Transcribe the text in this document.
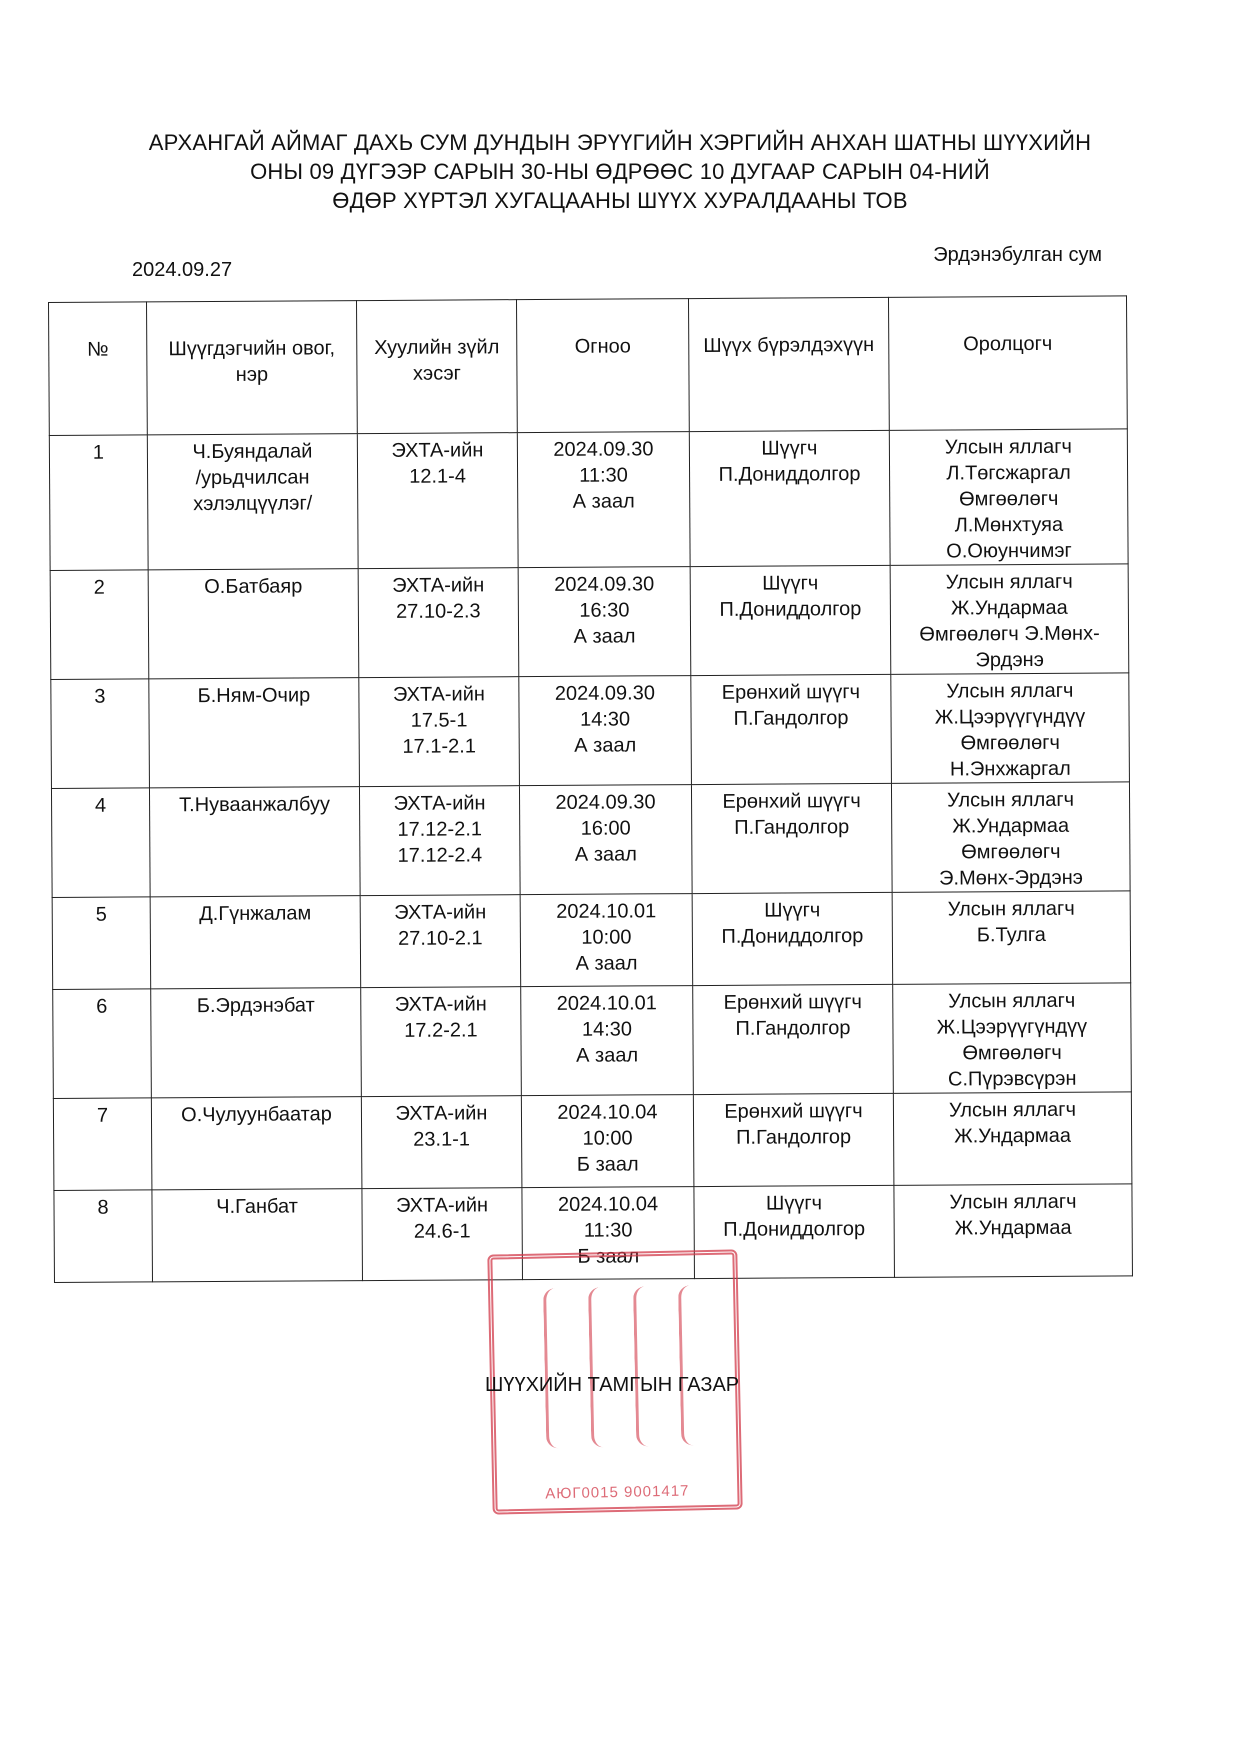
АРХАНГАЙ АЙМАГ ДАХЬ СУМ ДУНДЫН ЭРҮҮГИЙН ХЭРГИЙН АНХАН ШАТНЫ ШҮҮХИЙН
ОНЫ 09 ДҮГЭЭР САРЫН 30-НЫ ӨДРӨӨС 10 ДУГААР САРЫН 04-НИЙ
ӨДӨР ХҮРТЭЛ ХУГАЦААНЫ ШҮҮХ ХУРАЛДААНЫ ТОВ
2024.09.27
Эрдэнэбулган сум
№	Шүүгдэгчийн овог, нэр	Хуулийн зүйл хэсэг	Огноо	Шүүх бүрэлдэхүүн	Оролцогч
1	Ч.Буяндалай
/урьдчилсан
хэлэлцүүлэг/	ЭХТА-ийн
12.1-4	2024.09.30
11:30
А заал	Шүүгч
П.Дониддолгор	Улсын яллагч
Л.Төгсжаргал
Өмгөөлөгч
Л.Мөнхтуяа
О.Оюунчимэг

2	О.Батбаяр	ЭХТА-ийн
27.10-2.3	2024.09.30
16:30
А заал	Шүүгч
П.Дониддолгор	Улсын яллагч
Ж.Ундармаа
Өмгөөлөгч Э.Мөнх-
Эрдэнэ

3	Б.Ням-Очир	ЭХТА-ийн
17.5-1
17.1-2.1	2024.09.30
14:30
А заал	Ерөнхий шүүгч
П.Гандолгор	Улсын яллагч
Ж.Цээрүүгүндүү
Өмгөөлөгч
Н.Энхжаргал

4	Т.Нуваанжалбуу	ЭХТА-ийн
17.12-2.1
17.12-2.4	2024.09.30
16:00
А заал	Ерөнхий шүүгч
П.Гандолгор	Улсын яллагч
Ж.Ундармаа
Өмгөөлөгч
Э.Мөнх-Эрдэнэ

5	Д.Гүнжалам	ЭХТА-ийн
27.10-2.1	2024.10.01
10:00
А заал	Шүүгч
П.Дониддолгор	Улсын яллагч
Б.Тулга

6	Б.Эрдэнэбат	ЭХТА-ийн
17.2-2.1	2024.10.01
14:30
А заал	Ерөнхий шүүгч
П.Гандолгор	Улсын яллагч
Ж.Цээрүүгүндүү
Өмгөөлөгч
С.Пүрэвсүрэн

7	О.Чулуунбаатар	ЭХТА-ийн
23.1-1	2024.10.04
10:00
Б заал	Ерөнхий шүүгч
П.Гандолгор	Улсын яллагч
Ж.Ундармаа

8	Ч.Ганбат	ЭХТА-ийн
24.6-1	2024.10.04
11:30
Б заал	Шүүгч
П.Дониддолгор	Улсын яллагч
Ж.Ундармаа
АЮГ0015 9001417
ШҮҮХИЙН ТАМГЫН ГАЗАР
